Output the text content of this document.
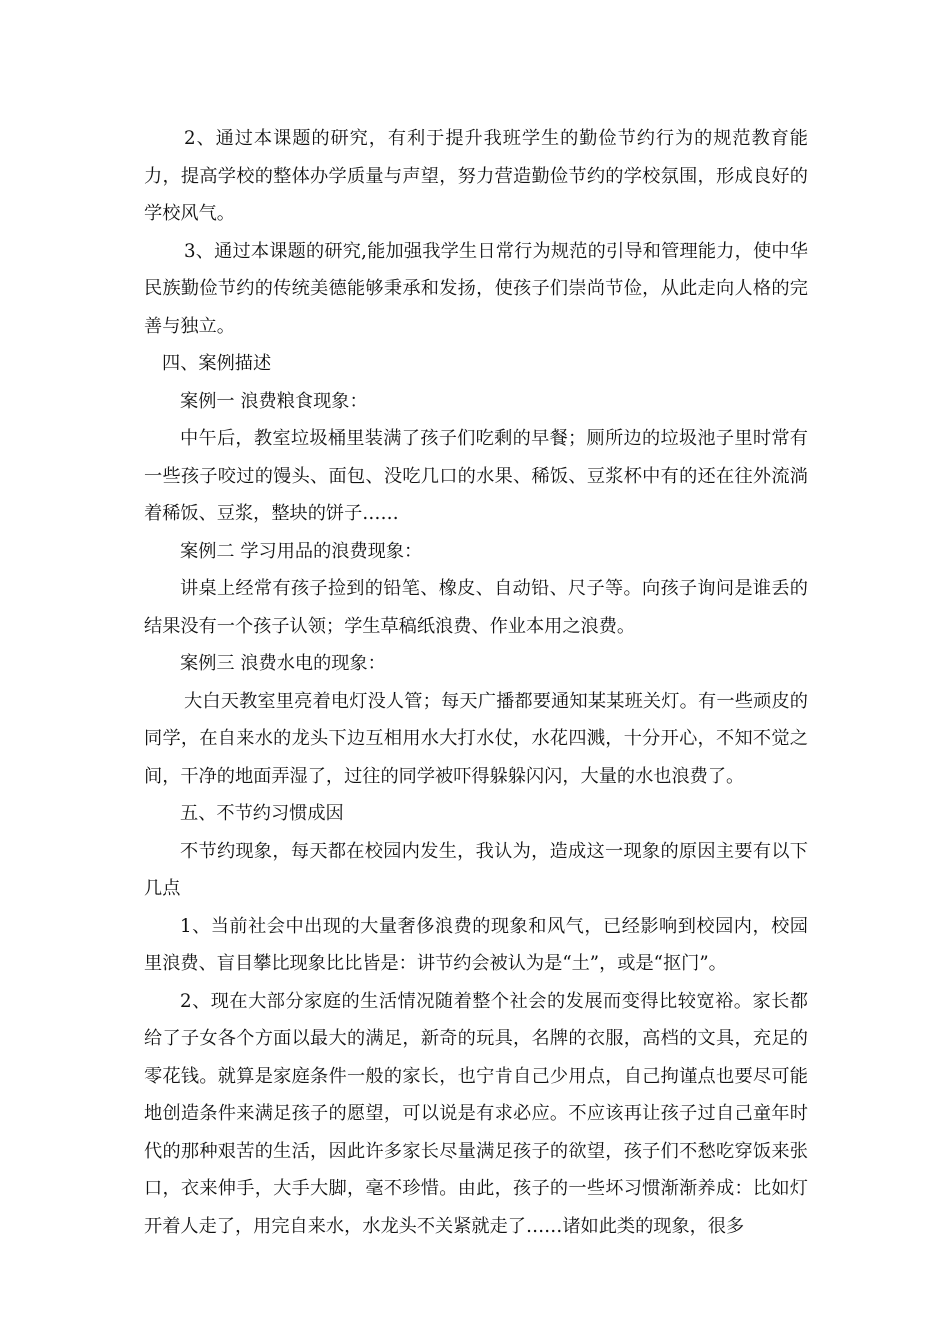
2、通过本课题的研究，有利于提升我班学生的勤俭节约行为的规范教育能力，提高学校的整体办学质量与声望，努力营造勤俭节约的学校氛围，形成良好的学校风气。

3、通过本课题的研究,能加强我学生日常行为规范的引导和管理能力，使中华民族勤俭节约的传统美德能够秉承和发扬，使孩子们崇尚节俭，从此走向人格的完善与独立。

四、案例描述

案例一 浪费粮食现象：

中午后，教室垃圾桶里装满了孩子们吃剩的早餐；厕所边的垃圾池子里时常有一些孩子咬过的馒头、面包、没吃几口的水果、稀饭、豆浆杯中有的还在往外流淌着稀饭、豆浆，整块的饼子……

案例二 学习用品的浪费现象：

讲桌上经常有孩子捡到的铅笔、橡皮、自动铅、尺子等。向孩子询问是谁丢的结果没有一个孩子认领；学生草稿纸浪费、作业本用之浪费。

案例三 浪费水电的现象：

大白天教室里亮着电灯没人管；每天广播都要通知某某班关灯。有一些顽皮的同学，在自来水的龙头下边互相用水大打水仗，水花四溅，十分开心，不知不觉之间，干净的地面弄湿了，过往的同学被吓得躲躲闪闪，大量的水也浪费了。

五、不节约习惯成因

不节约现象，每天都在校园内发生，我认为，造成这一现象的原因主要有以下几点

1、当前社会中出现的大量奢侈浪费的现象和风气，已经影响到校园内，校园里浪费、盲目攀比现象比比皆是：讲节约会被认为是“土”，或是“抠门”。

2、现在大部分家庭的生活情况随着整个社会的发展而变得比较宽裕。家长都给了子女各个方面以最大的满足，新奇的玩具，名牌的衣服，高档的文具，充足的零花钱。就算是家庭条件一般的家长，也宁肯自己少用点，自己拘谨点也要尽可能地创造条件来满足孩子的愿望，可以说是有求必应。不应该再让孩子过自己童年时代的那种艰苦的生活，因此许多家长尽量满足孩子的欲望，孩子们不愁吃穿饭来张口，衣来伸手，大手大脚，毫不珍惜。由此，孩子的一些坏习惯渐渐养成：比如灯开着人走了，用完自来水，水龙头不关紧就走了……诸如此类的现象，很多
